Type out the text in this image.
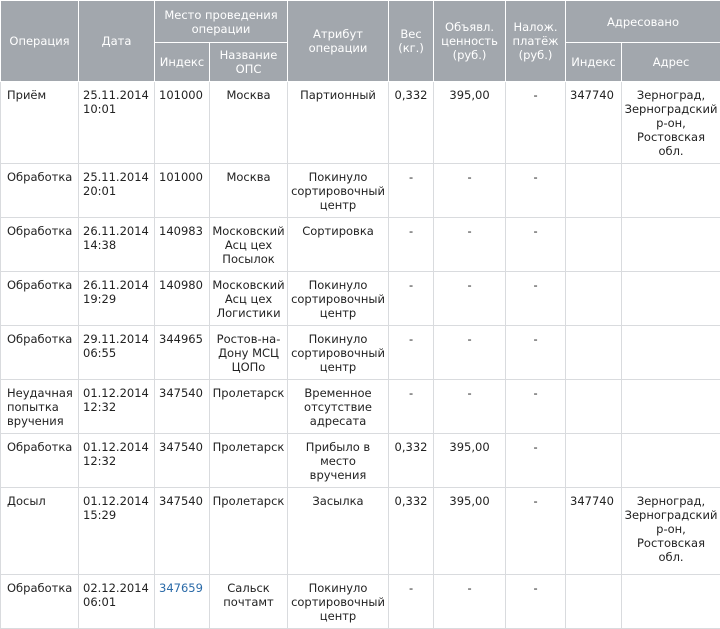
Операция	Дата	Место проведения операции		Атрибут операции	Вес (кг.)	Объявл. ценность (руб.)	Налож. платёж (руб.)	Адресовано	
		Индекс	Название ОПС					Индекс	Адрес
Приём	25.11.2014 10:01	101000	Москва	Партионный	0,332	395,00	-	347740	Зерноград, Зерноградский р-он, Ростовская обл.
Обработка	25.11.2014 20:01	101000	Москва	Покинуло сортировочный центр	-	-	-		
Обработка	26.11.2014 14:38	140983	Московский Асц цех Посылок	Сортировка	-	-	-		
Обработка	26.11.2014 19:29	140980	Московский Асц цех Логистики	Покинуло сортировочный центр	-	-	-		
Обработка	29.11.2014 06:55	344965	Ростов-на-Дону МСЦ ЦОПо	Покинуло сортировочный центр	-	-	-		
Неудачная попытка вручения	01.12.2014 12:32	347540	Пролетарск	Временное отсутствие адресата	-	-	-		
Обработка	01.12.2014 12:32	347540	Пролетарск	Прибыло в место вручения	0,332	395,00	-		
Досыл	01.12.2014 15:29	347540	Пролетарск	Засылка	0,332	395,00	-	347740	Зерноград, Зерноградский р-он, Ростовская обл.
Обработка	02.12.2014 06:01	347659	Сальск почтамт	Покинуло сортировочный центр	-	-	-		
